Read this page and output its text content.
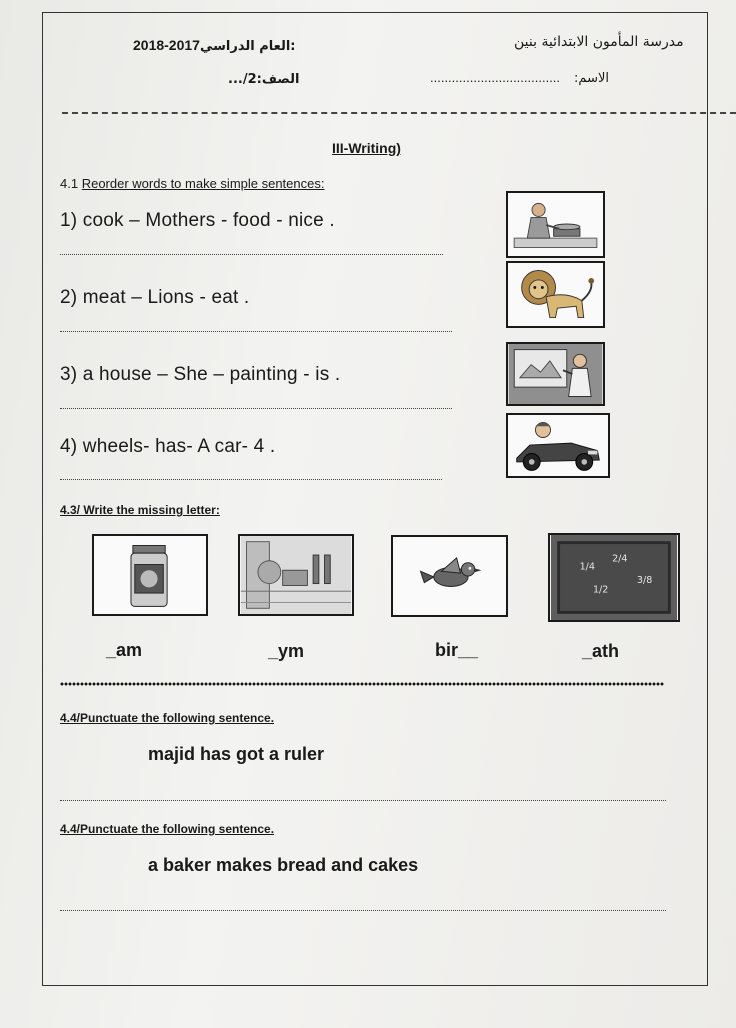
2018-2017العام الدراسي:	مدرسة المأمون الابتدائية بنين
الصف:2/...	.................................... الاسم:
III-Writing)
4.1 Reorder words to make simple sentences:
1) cook – Mothers - food - nice .
2) meat – Lions - eat .
3) a house – She – painting - is .
4) wheels- has- A car- 4 .
4.3/ Write the missing letter:
1/4
2/4
3/8
1/2
_am	_ym	bir__	_ath
4.4/Punctuate the following sentence.
majid has got a ruler
4.4/Punctuate the following sentence.
a baker makes bread and cakes
